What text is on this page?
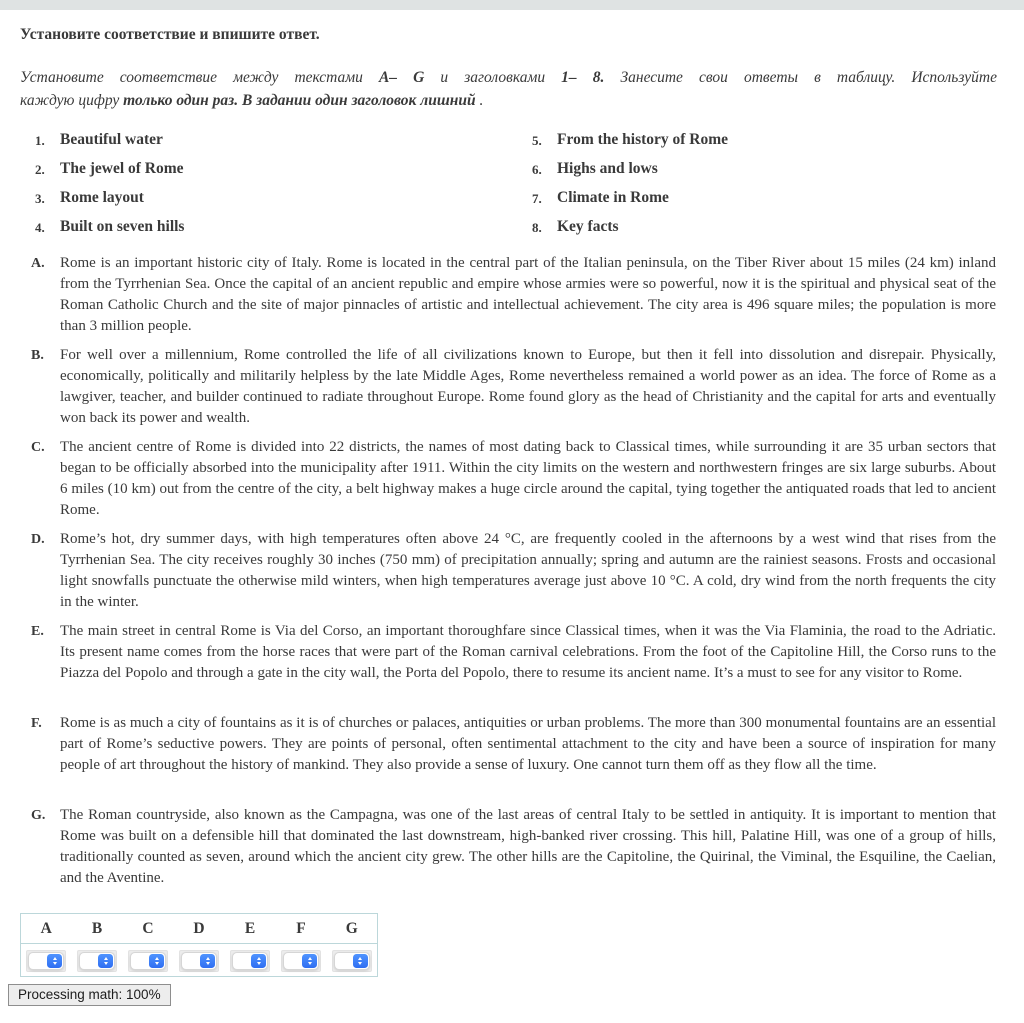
Установите соответствие и впишите ответ.
Установите соответствие между текстами A– G и заголовками 1– 8. Занесите свои ответы в таблицу. Используйте
каждую цифру только один раз. В задании один заголовок лишний .
1. Beautiful water
2. The jewel of Rome
3. Rome layout
4. Built on seven hills
5. From the history of Rome
6. Highs and lows
7. Climate in Rome
8. Key facts
A.	Rome is an important historic city of Italy. Rome is located in the central part of the Italian peninsula, on the Tiber River about 15 miles (24 km) inland from the Tyrrhenian Sea. Once the capital of an ancient republic and empire whose armies were so powerful, now it is the spiritual and physical seat of the Roman Catholic Church and the site of major pinnacles of artistic and intellectual achievement. The city area is 496 square miles; the population is more than 3 million people.
B.	For well over a millennium, Rome controlled the life of all civilizations known to Europe, but then it fell into dissolution and disrepair. Physically, economically, politically and militarily helpless by the late Middle Ages, Rome nevertheless remained a world power as an idea. The force of Rome as a lawgiver, teacher, and builder continued to radiate throughout Europe. Rome found glory as the head of Christianity and the capital for arts and eventually won back its power and wealth.
C.	The ancient centre of Rome is divided into 22 districts, the names of most dating back to Classical times, while surrounding it are 35 urban sectors that began to be officially absorbed into the municipality after 1911. Within the city limits on the western and northwestern fringes are six large suburbs. About 6 miles (10 km) out from the centre of the city, a belt highway makes a huge circle around the capital, tying together the antiquated roads that led to ancient Rome.
D.	Rome’s hot, dry summer days, with high temperatures often above 24 °C, are frequently cooled in the afternoons by a west wind that rises from the Tyrrhenian Sea. The city receives roughly 30 inches (750 mm) of precipitation annually; spring and autumn are the rainiest seasons. Frosts and occasional light snowfalls punctuate the otherwise mild winters, when high temperatures average just above 10 °C. A cold, dry wind from the north frequents the city in the winter.
E.	The main street in central Rome is Via del Corso, an important thoroughfare since Classical times, when it was the Via Flaminia, the road to the Adriatic. Its present name comes from the horse races that were part of the Roman carnival celebrations. From the foot of the Capitoline Hill, the Corso runs to the Piazza del Popolo and through a gate in the city wall, the Porta del Popolo, there to resume its ancient name. It’s a must to see for any visitor to Rome.
F.	Rome is as much a city of fountains as it is of churches or palaces, antiquities or urban problems. The more than 300 monumental fountains are an essential part of Rome’s seductive powers. They are points of personal, often sentimental attachment to the city and have been a source of inspiration for many people of art throughout the history of mankind. They also provide a sense of luxury. One cannot turn them off as they flow all the time.
G. The Roman countryside, also known as the Campagna, was one of the last areas of central Italy to be settled in antiquity. It is important to mention that Rome was built on a defensible hill that dominated the last downstream, high-banked river crossing. This hill, Palatine Hill, was one of a group of hills, traditionally counted as seven, around which the ancient city grew. The other hills are the Capitoline, the Quirinal, the Viminal, the Esquiline, the Caelian, and the Aventine.
A	B	C	D	E	F	G

Processing math: 100%
